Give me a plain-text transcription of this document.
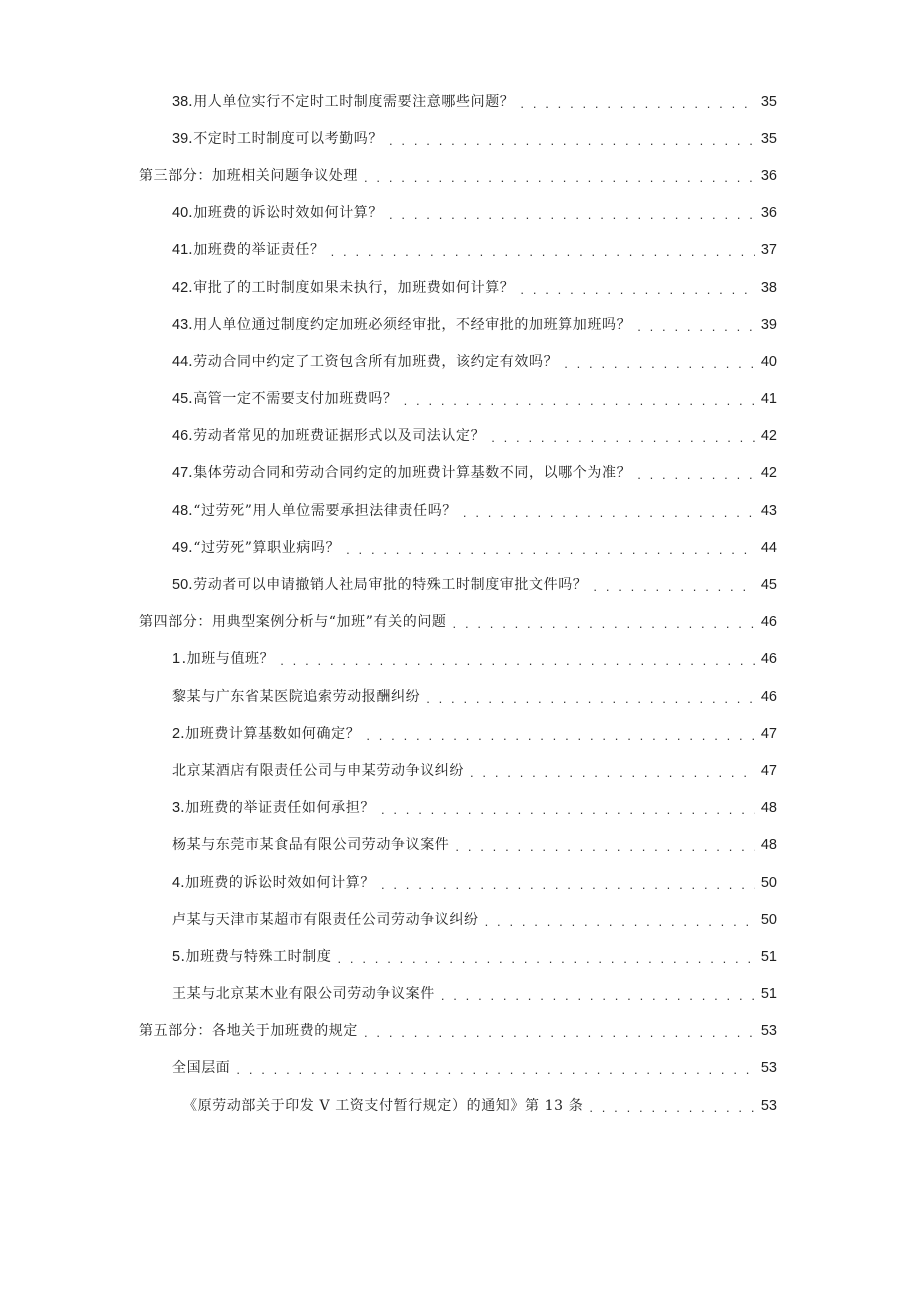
38 .用人单位实行不定时工时制度需要注意哪些问题？ . . .	35
39 .不定时工时制度可以考勤吗？ . . .	35
第三部分：加班相关问题争议处理 . . .	36
40 .加班费的诉讼时效如何计算？ . . .	36
41 .加班费的举证责任？ . . .	37
42 .审批了的工时制度如果未执行，加班费如何计算？ . . .	38
43 .用人单位通过制度约定加班必须经审批，不经审批的加班算加班吗？ . . .	39
44 .劳动合同中约定了工资包含所有加班费，该约定有效吗？ . . .	40
45 .高管一定不需要支付加班费吗？ . . .	41
46 .劳动者常见的加班费证据形式以及司法认定？ . . .	42
47 .集体劳动合同和劳动合同约定的加班费计算基数不同，以哪个为准？ . . .	42
48 .“过劳死”用人单位需要承担法律责任吗？ . . .	43
49 .“过劳死”算职业病吗？ . . .	44
50 .劳动者可以申请撤销人社局审批的特殊工时制度审批文件吗？ . . .	45
第四部分：用典型案例分析与“加班”有关的问题 . . .	46
1 .加班与值班？ . . .	46
黎某与广东省某医院追索劳动报酬纠纷 . . .	46
2 .加班费计算基数如何确定？ . . .	47
北京某酒店有限责任公司与申某劳动争议纠纷 . . .	47
3 .加班费的举证责任如何承担？ . . .	48
杨某与东莞市某食品有限公司劳动争议案件 . . .	48
4 .加班费的诉讼时效如何计算？ . . .	50
卢某与天津市某超市有限责任公司劳动争议纠纷 . . .	50
5 .加班费与特殊工时制度 . . .	51
王某与北京某木业有限公司劳动争议案件 . . .	51
第五部分：各地关于加班费的规定 . . .	53
全国层面 . . .	53
《原劳动部关于印发 V 工资支付暂行规定）的通知》第 13 条 . . .	53
